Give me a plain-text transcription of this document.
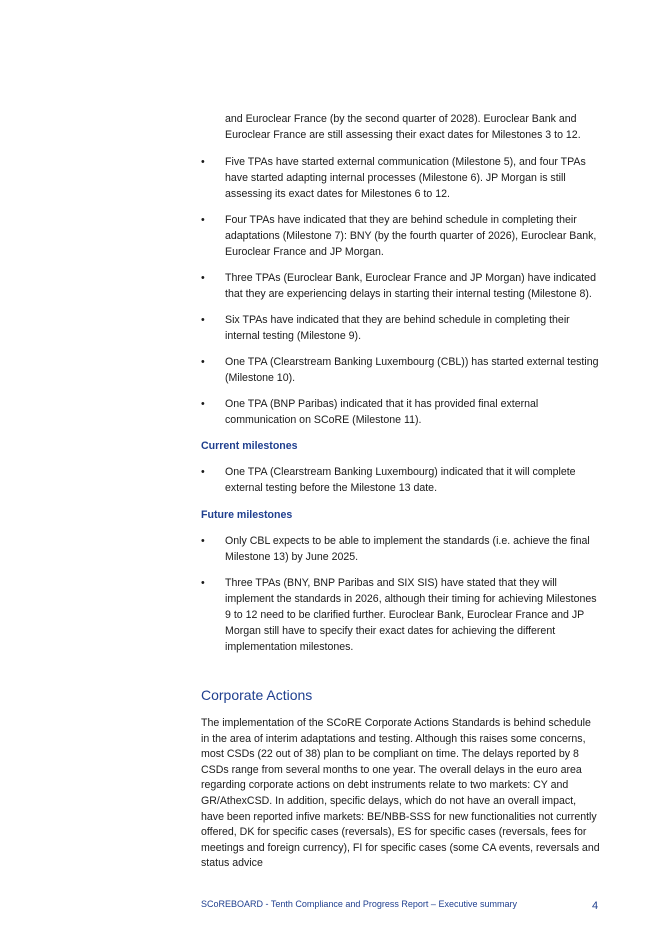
and Euroclear France (by the second quarter of 2028). Euroclear Bank and Euroclear France are still assessing their exact dates for Milestones 3 to 12.

• Five TPAs have started external communication (Milestone 5), and four TPAs have started adapting internal processes (Milestone 6). JP Morgan is still assessing its exact dates for Milestones 6 to 12.
• Four TPAs have indicated that they are behind schedule in completing their adaptations (Milestone 7): BNY (by the fourth quarter of 2026), Euroclear Bank, Euroclear France and JP Morgan.
• Three TPAs (Euroclear Bank, Euroclear France and JP Morgan) have indicated that they are experiencing delays in starting their internal testing (Milestone 8).
• Six TPAs have indicated that they are behind schedule in completing their internal testing (Milestone 9).
• One TPA (Clearstream Banking Luxembourg (CBL)) has started external testing (Milestone 10).
• One TPA (BNP Paribas) indicated that it has provided final external communication on SCoRE (Milestone 11).
Current milestones
• One TPA (Clearstream Banking Luxembourg) indicated that it will complete external testing before the Milestone 13 date.
Future milestones
• Only CBL expects to be able to implement the standards (i.e. achieve the final Milestone 13) by June 2025.
• Three TPAs (BNY, BNP Paribas and SIX SIS) have stated that they will implement the standards in 2026, although their timing for achieving Milestones 9 to 12 need to be clarified further. Euroclear Bank, Euroclear France and JP Morgan still have to specify their exact dates for achieving the different implementation milestones.
Corporate Actions

The implementation of the SCoRE Corporate Actions Standards is behind schedule in the area of interim adaptations and testing. Although this raises some concerns, most CSDs (22 out of 38) plan to be compliant on time. The delays reported by 8 CSDs range from several months to one year. The overall delays in the euro area regarding corporate actions on debt instruments relate to two markets: CY and GR/AthexCSD. In addition, specific delays, which do not have an overall impact, have been reported infive markets: BE/NBB-SSS for new functionalities not currently offered, DK for specific cases (reversals), ES for specific cases (reversals, fees for meetings and foreign currency), FI for specific cases (some CA events, reversals and status advice

SCoREBOARD - Tenth Compliance and Progress Report – Executive summary	4
